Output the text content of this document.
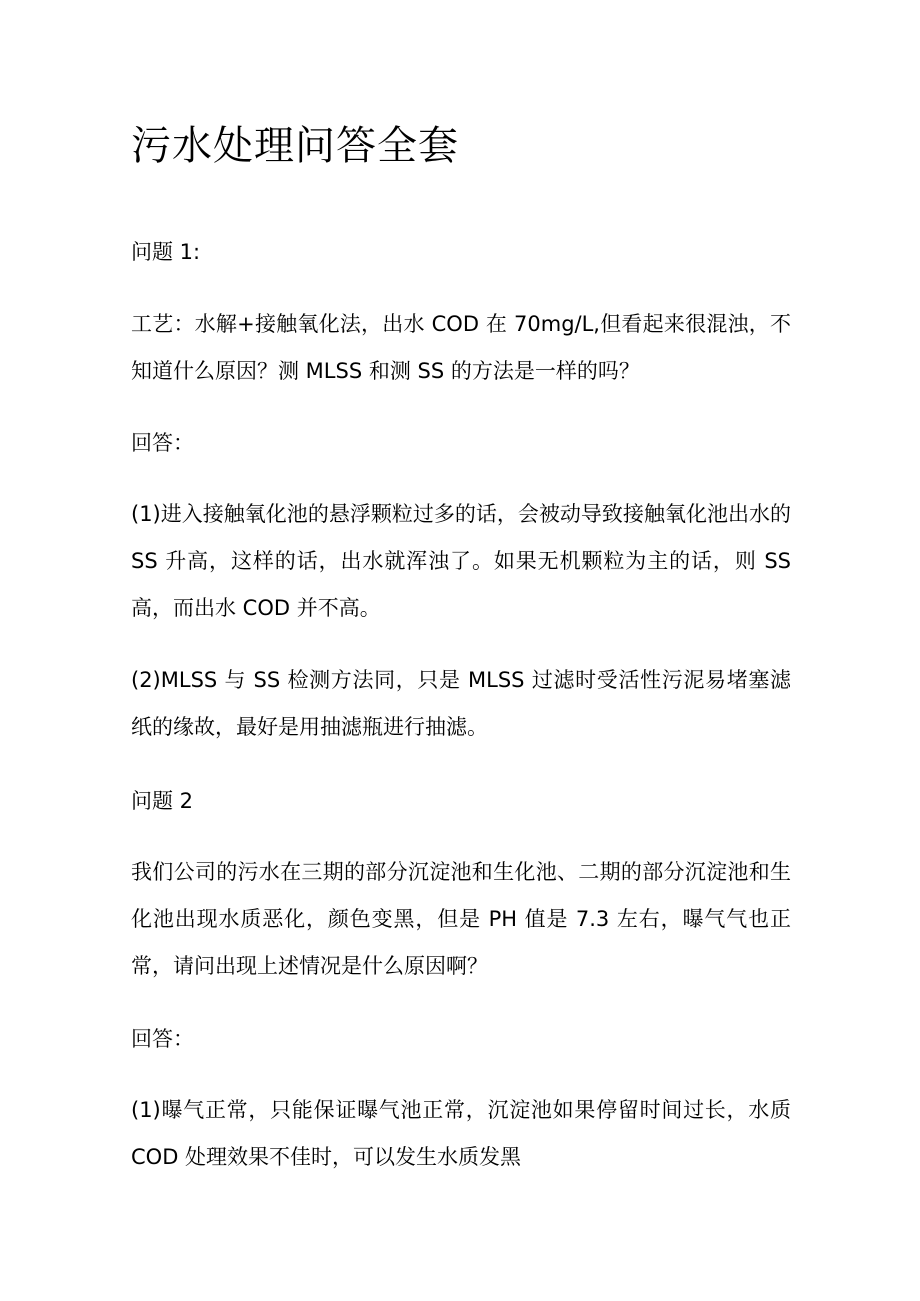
污水处理问答全套

问题 1:

工艺：水解+接触氧化法，出水 COD 在 70mg/L,但看起来很混浊，不知道什么原因？测 MLSS 和测 SS 的方法是一样的吗？

回答：

(1)进入接触氧化池的悬浮颗粒过多的话，会被动导致接触氧化池出水的 SS 升高，这样的话，出水就浑浊了。如果无机颗粒为主的话，则 SS 高，而出水 COD 并不高。

(2)MLSS 与 SS 检测方法同，只是 MLSS 过滤时受活性污泥易堵塞滤纸的缘故，最好是用抽滤瓶进行抽滤。

问题 2

我们公司的污水在三期的部分沉淀池和生化池、二期的部分沉淀池和生化池出现水质恶化，颜色变黑，但是 PH 值是 7.3 左右，曝气气也正常，请问出现上述情况是什么原因啊？

回答：

(1)曝气正常，只能保证曝气池正常，沉淀池如果停留时间过长，水质 COD 处理效果不佳时，可以发生水质发黑
